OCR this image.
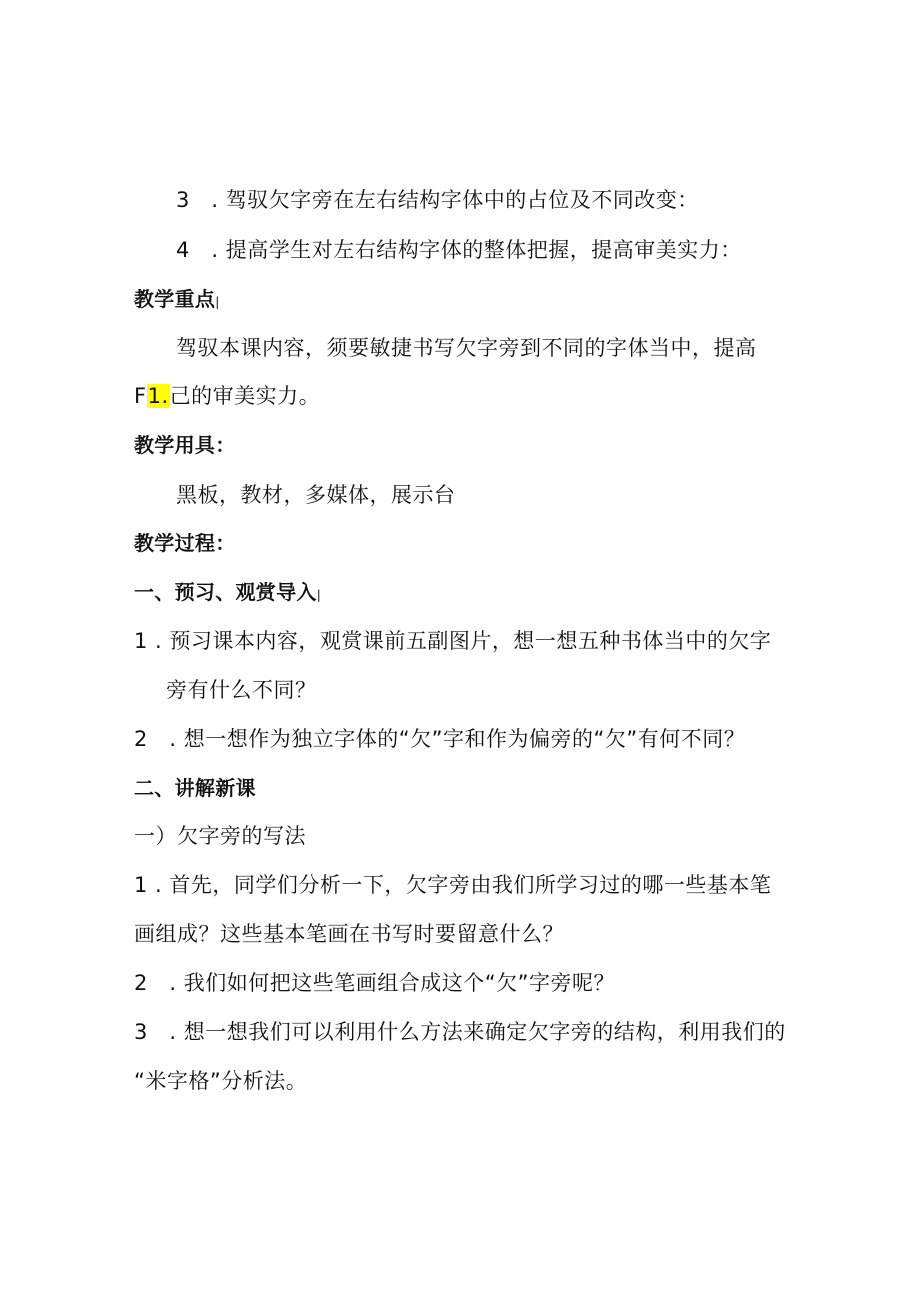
3　. 驾驭欠字旁在左右结构字体中的占位及不同改变：
4　. 提高学生对左右结构字体的整体把握，提高审美实力：
教学重点|
驾驭本课内容，须要敏捷书写欠字旁到不同的字体当中，提高
F1.己的审美实力。
教学用具：
黑板，教材，多媒体，展示台
教学过程：
一、预习、观赏导入|
1 . 预习课本内容，观赏课前五副图片，想一想五种书体当中的欠字
旁有什么不同？
2　. 想一想作为独立字体的“欠”字和作为偏旁的“欠”有何不同？
二、讲解新课
一）欠字旁的写法
1 . 首先，同学们分析一下，欠字旁由我们所学习过的哪一些基本笔
画组成？这些基本笔画在书写时要留意什么？
2　. 我们如何把这些笔画组合成这个“欠”字旁呢？
3　. 想一想我们可以利用什么方法来确定欠字旁的结构，利用我们的
“米字格”分析法。
